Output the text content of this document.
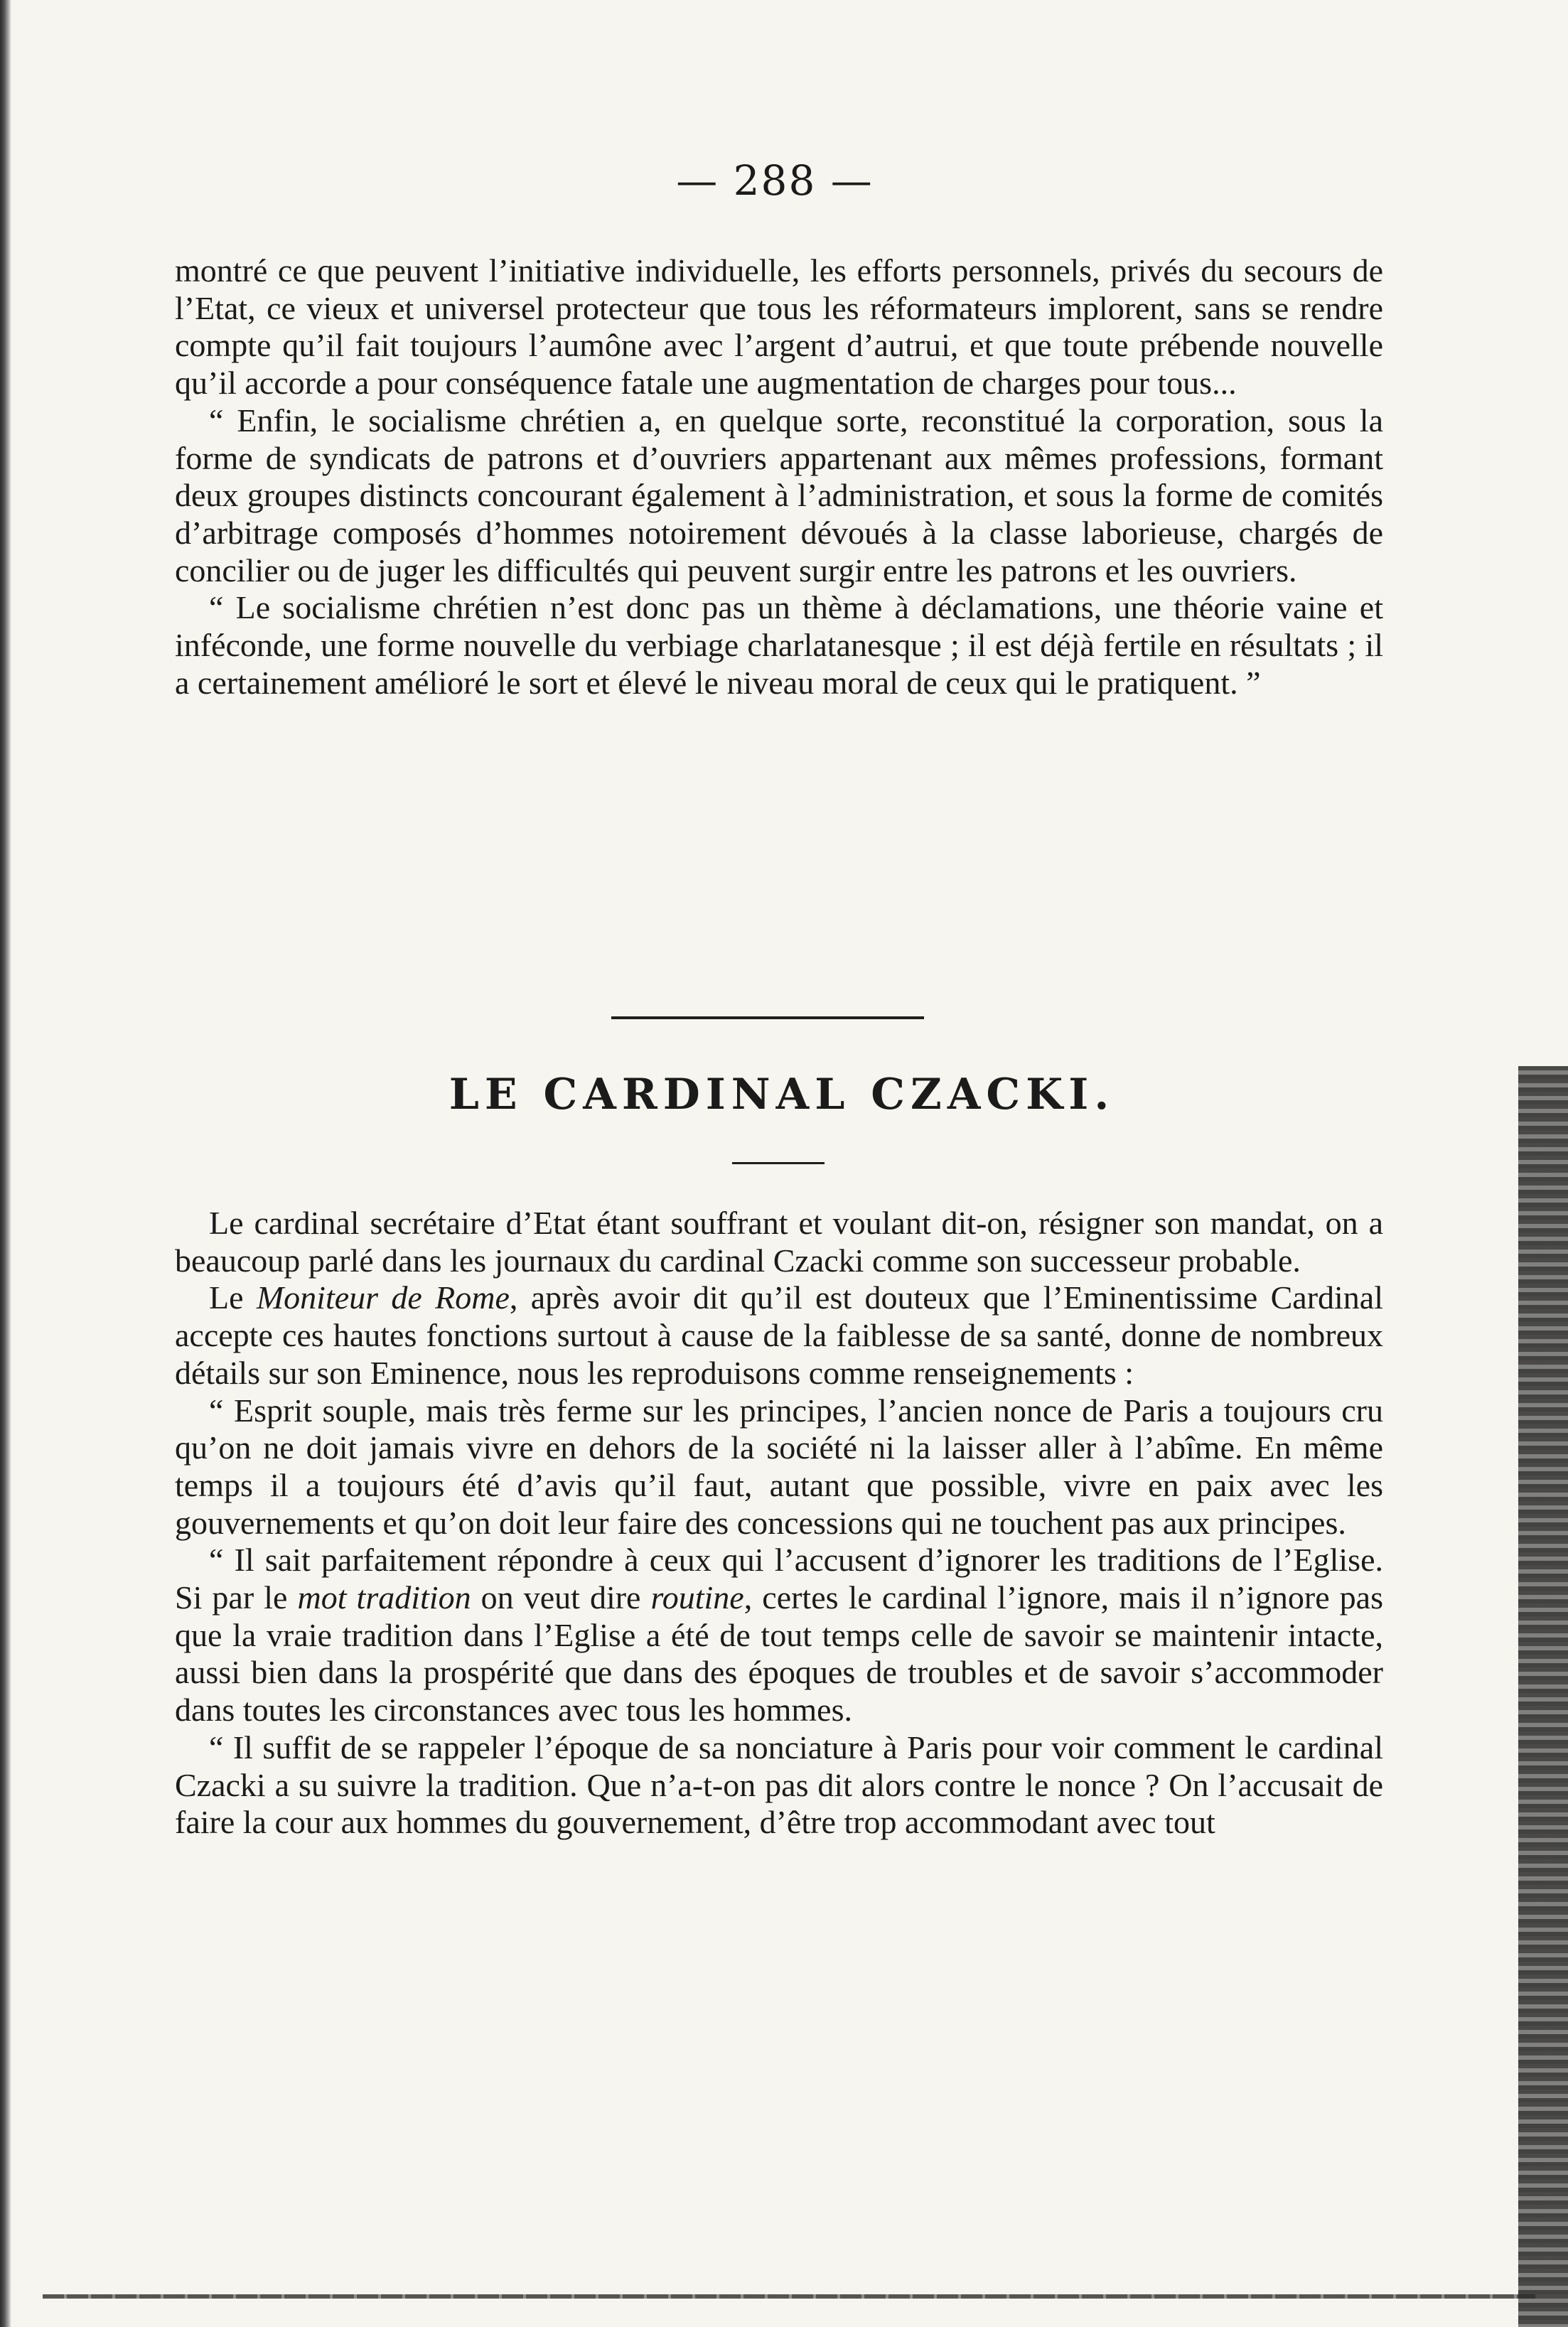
— 288 —

montré ce que peuvent l’initiative individuelle, les efforts personnels, privés du secours de l’Etat, ce vieux et universel protecteur que tous les réformateurs implorent, sans se rendre compte qu’il fait toujours l’aumône avec l’argent d’autrui, et que toute prébende nouvelle qu’il accorde a pour conséquence fatale une augmentation de charges pour tous...

“ Enfin, le socialisme chrétien a, en quelque sorte, reconstitué la corporation, sous la forme de syndicats de patrons et d’ouvriers appartenant aux mêmes professions, formant deux groupes distincts concourant également à l’administration, et sous la forme de comités d’arbitrage composés d’hommes notoirement dévoués à la classe laborieuse, chargés de concilier ou de juger les difficultés qui peuvent surgir entre les patrons et les ouvriers.

“ Le socialisme chrétien n’est donc pas un thème à déclamations, une théorie vaine et inféconde, une forme nouvelle du verbiage charlatanesque ; il est déjà fertile en résultats ; il a certainement amélioré le sort et élevé le niveau moral de ceux qui le pratiquent. ”

LE CARDINAL CZACKI.

Le cardinal secrétaire d’Etat étant souffrant et voulant dit-on, résigner son mandat, on a beaucoup parlé dans les journaux du cardinal Czacki comme son successeur probable.

Le Moniteur de Rome, après avoir dit qu’il est douteux que l’Eminentissime Cardinal accepte ces hautes fonctions surtout à cause de la faiblesse de sa santé, donne de nombreux détails sur son Eminence, nous les reproduisons comme renseignements :

“ Esprit souple, mais très ferme sur les principes, l’ancien nonce de Paris a toujours cru qu’on ne doit jamais vivre en dehors de la société ni la laisser aller à l’abîme. En même temps il a toujours été d’avis qu’il faut, autant que possible, vivre en paix avec les gouvernements et qu’on doit leur faire des concessions qui ne touchent pas aux principes.

“ Il sait parfaitement répondre à ceux qui l’accusent d’ignorer les traditions de l’Eglise. Si par le mot tradition on veut dire routine, certes le cardinal l’ignore, mais il n’ignore pas que la vraie tradition dans l’Eglise a été de tout temps celle de savoir se maintenir intacte, aussi bien dans la prospérité que dans des époques de troubles et de savoir s’accommoder dans toutes les circonstances avec tous les hommes.

“ Il suffit de se rappeler l’époque de sa nonciature à Paris pour voir comment le cardinal Czacki a su suivre la tradition. Que n’a-t-on pas dit alors contre le nonce ? On l’accusait de faire la cour aux hommes du gouvernement, d’être trop accommodant avec tout
